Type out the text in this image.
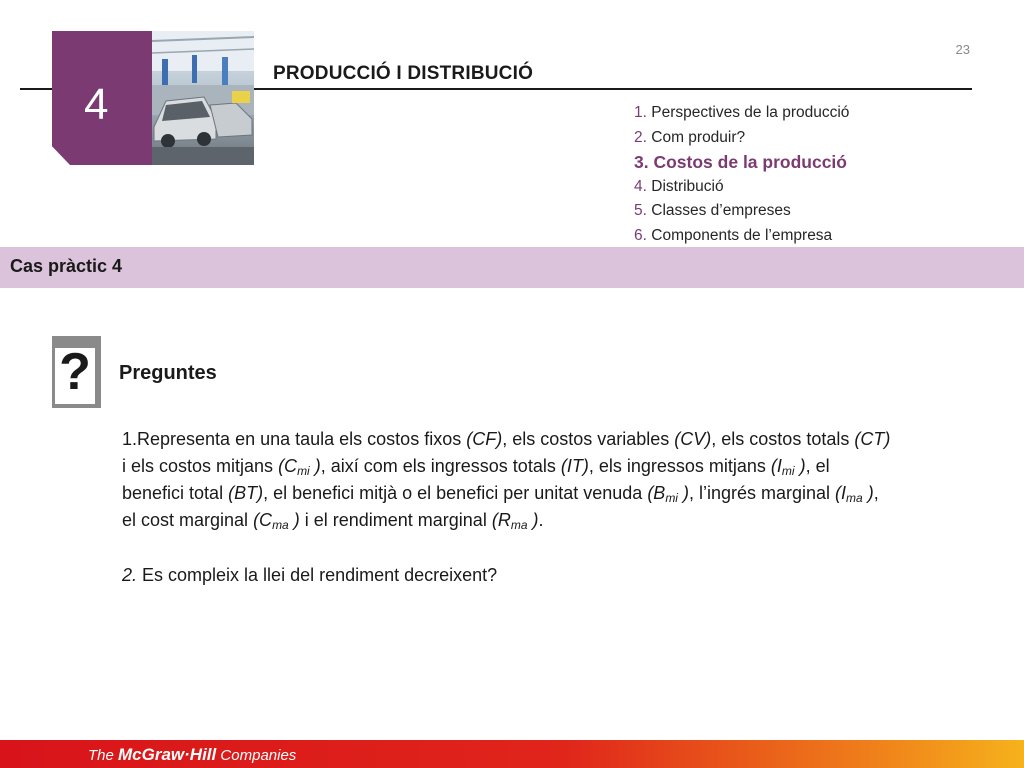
23
4
PRODUCCIÓ I DISTRIBUCIÓ
1. Perspectives de la producció
2. Com produir?
3. Costos de la producció
4. Distribució
5. Classes d’empreses
6. Components de l’empresa
Cas pràctic 4
?	Preguntes
1.Representa en una taula els costos fixos (CF), els costos variables (CV), els costos totals (CT) i els costos mitjans ($C_{mi}$ ), així com els ingressos totals (IT), els ingressos mitjans ($I_{mi}$ ), el benefici total (BT), el benefici mitjà o el benefici per unitat venuda ($B_{mi}$ ), l’ingrés marginal ($I_{ma}$ ), el cost marginal ($C_{ma}$ ) i el rendiment marginal ($R_{ma}$ ).
2. Es compleix la llei del rendiment decreixent?
The McGraw·Hill Companies
